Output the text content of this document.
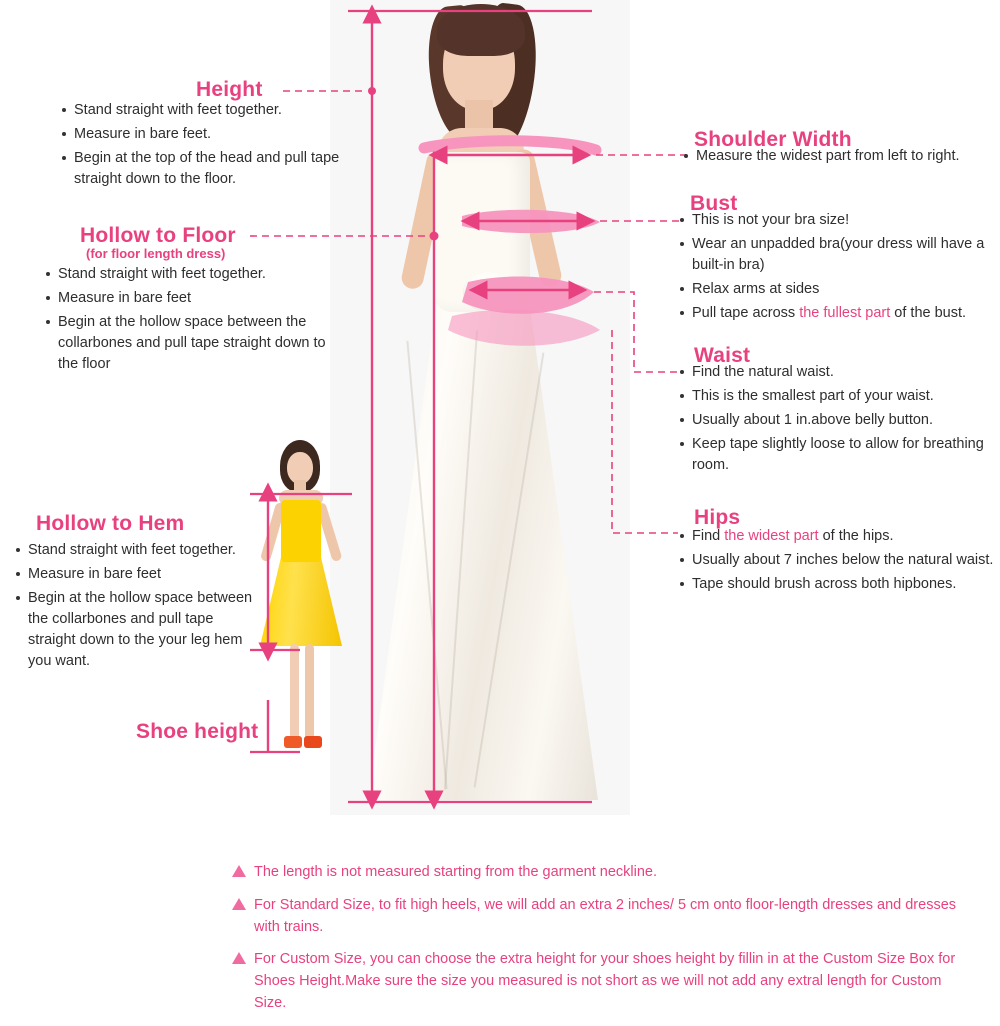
Height
Stand straight with feet together.
Measure in bare feet.
Begin at the top of the head and pull tape straight down to the floor.
Hollow to Floor
(for floor length dress)
Stand straight with feet together.
Measure in bare feet
Begin at the hollow space between the collarbones and pull tape straight down to the floor
Hollow to Hem
Stand straight with feet together.
Measure in bare feet
Begin at the hollow space between the collarbones and pull tape straight down to the your leg hem you want.
Shoe height
Shoulder Width
Measure the widest part from left to right.
Bust
This is not your bra size!
Wear an unpadded bra(your dress will have a built-in bra)
Relax arms at sides
Pull tape across the fullest part of the bust.
Waist
Find the natural waist.
This is the smallest part of your waist.
Usually about 1 in.above belly button.
Keep tape slightly loose to allow for breathing room.
Hips
Find the widest part of the hips.
Usually about 7 inches below the natural waist.
Tape should brush across both hipbones.
The length is not measured starting from the garment neckline.
For Standard Size, to fit high heels, we will add an extra 2 inches/ 5 cm onto floor-length dresses and dresses with trains.
For Custom Size, you can choose the extra height for your shoes height by fillin in at the Custom Size Box for Shoes Height.Make sure the size you measured is not short as we will not add any extral length for Custom Size.
